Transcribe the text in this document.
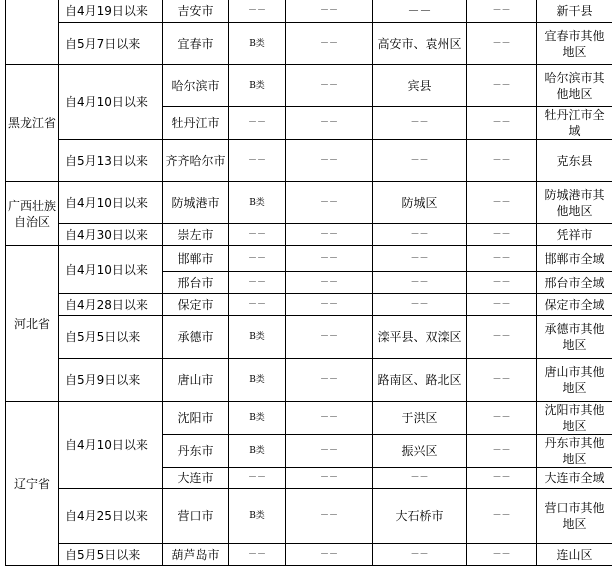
	自4月19日以来	吉安市	－－	－－	－－	－－	新干县
	自5月7日以来	宜春市	B类	－－	高安市、袁州区	－－	宜春市其他地区
黑龙江省	自4月10日以来	哈尔滨市	B类	－－	宾县	－－	哈尔滨市其他地区
		牡丹江市	－－	－－	－－	－－	牡丹江市全域
	自5月13日以来	齐齐哈尔市	－－	－－	－－	－－	克东县
广西壮族自治区	自4月10日以来	防城港市	B类	－－	防城区	－－	防城港市其他地区
	自4月30日以来	崇左市	－－	－－	－－	－－	凭祥市
河北省	自4月10日以来	邯郸市	－－	－－	－－	－－	邯郸市全域
		邢台市	－－	－－	－－	－－	邢台市全域
	自4月28日以来	保定市	－－	－－	－－	－－	保定市全域
	自5月5日以来	承德市	B类	－－	滦平县、双滦区	－－	承德市其他地区
	自5月9日以来	唐山市	B类	－－	路南区、路北区	－－	唐山市其他地区
辽宁省	自4月10日以来	沈阳市	B类	－－	于洪区	－－	沈阳市其他地区
		丹东市	B类	－－	振兴区	－－	丹东市其他地区
		大连市	－－	－－	－－	－－	大连市全域
	自4月25日以来	营口市	B类	－－	大石桥市	－－	营口市其他地区
	自5月5日以来	葫芦岛市	－－	－－	－－	－－	连山区
